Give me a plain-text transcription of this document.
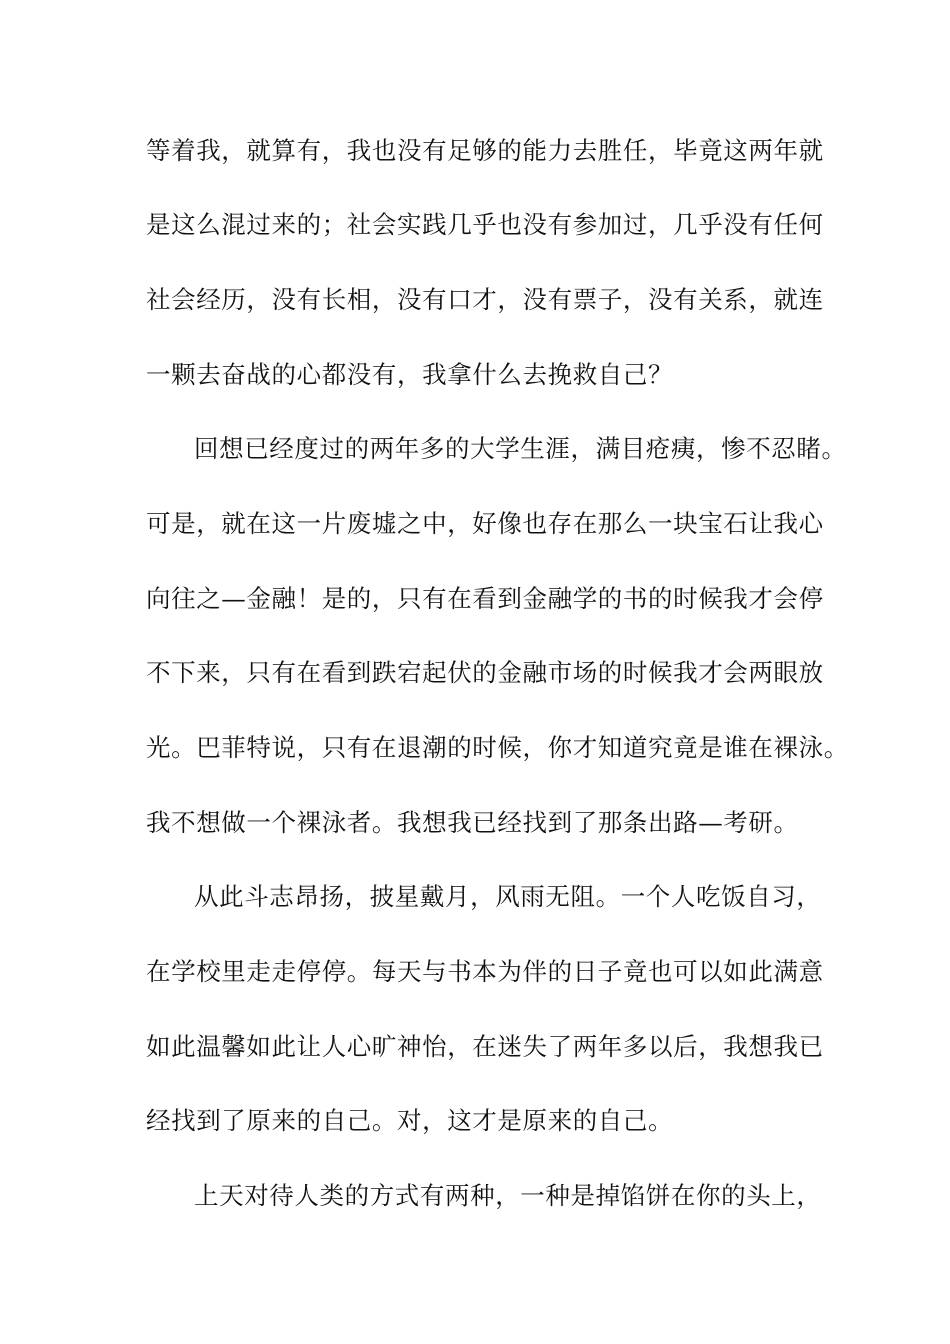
等着我，就算有，我也没有足够的能力去胜任，毕竟这两年就
是这么混过来的；社会实践几乎也没有参加过，几乎没有任何
社会经历，没有长相，没有口才，没有票子，没有关系，就连
一颗去奋战的心都没有，我拿什么去挽救自己？
回想已经度过的两年多的大学生涯，满目疮痍，惨不忍睹。
可是，就在这一片废墟之中，好像也存在那么一块宝石让我心
向往之—金融！是的，只有在看到金融学的书的时候我才会停
不下来，只有在看到跌宕起伏的金融市场的时候我才会两眼放
光。巴菲特说，只有在退潮的时候，你才知道究竟是谁在裸泳。
我不想做一个裸泳者。我想我已经找到了那条出路—考研。
从此斗志昂扬，披星戴月，风雨无阻。一个人吃饭自习，
在学校里走走停停。每天与书本为伴的日子竟也可以如此满意
如此温馨如此让人心旷神怡，在迷失了两年多以后，我想我已
经找到了原来的自己。对，这才是原来的自己。
上天对待人类的方式有两种，一种是掉馅饼在你的头上，
